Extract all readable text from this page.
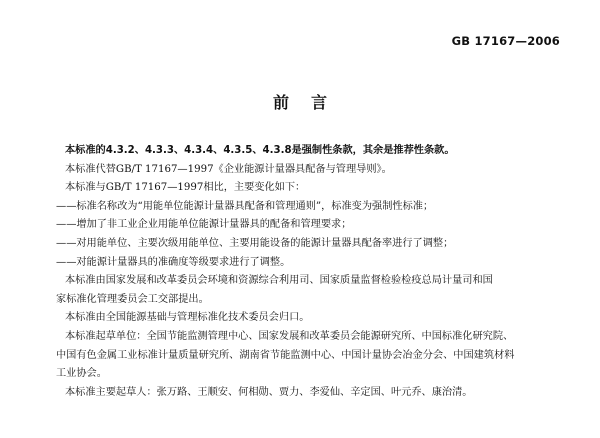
GB 17167—2006
前言

本标准的4.3.2、4.3.3、4.3.4、4.3.5、4.3.8是强制性条款，其余是推荐性条款。

本标准代替GB/T 17167—1997《企业能源计量器具配备与管理导则》。

本标准与GB/T 17167—1997相比，主要变化如下：

——标准名称改为“用能单位能源计量器具配备和管理通则”，标准变为强制性标准；

——增加了非工业企业用能单位能源计量器具的配备和管理要求；

——对用能单位、主要次级用能单位、主要用能设备的能源计量器具配备率进行了调整；

——对能源计量器具的准确度等级要求进行了调整。

本标准由国家发展和改革委员会环境和资源综合利用司、国家质量监督检验检疫总局计量司和国

家标准化管理委员会工交部提出。

本标准由全国能源基础与管理标准化技术委员会归口。

本标准起草单位：全国节能监测管理中心、国家发展和改革委员会能源研究所、中国标准化研究院、

中国有色金属工业标准计量质量研究所、湖南省节能监测中心、中国计量协会冶金分会、中国建筑材料

工业协会。

本标准主要起草人：张万路、王顺安、何相勋、贾力、李爱仙、辛定国、叶元乔、康治清。
